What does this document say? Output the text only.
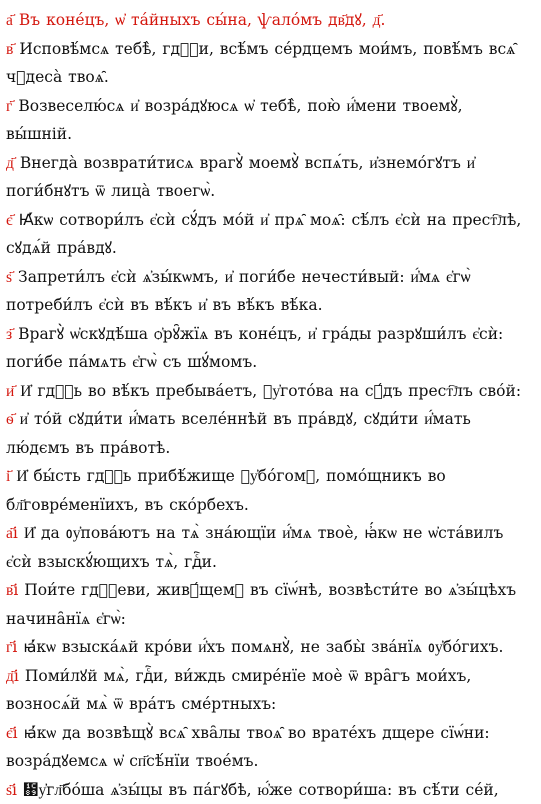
а҃ Въ конéцъ, ѡ҆ та́йныхъ сы́на, ѱало́мъ дв҃дꙋ, д҃.

в҃ Исповѣ́мсѧ тебѣ̀, гдⷭ҇и, всѣ́мъ се́рдцемъ мои́мъ, повѣ́мъ всѧ̑ чꙋдеса̀ твоѧ̑.

г҃ Возвеселю́сѧ и҆ возра́дꙋюсѧ ѡ҆ тебѣ̀, пою̀ и҆́мени твоемꙋ̀, вы́шній.

д҃ Внегда̀ возврати́тисѧ врагꙋ̀ моемꙋ̀ вспѧ́ть, и҆знемо́гꙋтъ и҆ поги́бнꙋтъ ѿ лица̀ твоегѡ̀.

є҃ Ꙗ҆́кѡ сотвори́лъ є҆сѝ сꙋ́дъ мо́й и҆ прѧ̑ моѧ̑: сѣ́лъ є҆сѝ на прест҇лѣ, сꙋдѧ́й пра́вдꙋ.

ѕ҃ Запрети́лъ є҆сѝ ѧ҆зы́кѡмъ, и҆ поги́бе нечести́вый: и҆́мѧ є҆гѡ̀ потреби́лъ є҆сѝ въ вѣ́къ и҆ въ вѣ́къ вѣ́ка.

з҃ Врагꙋ̀ ѡ҆скꙋдѣ́ша ѻ҆рꙋ̑жїѧ въ конéцъ, и҆ гра́ды разрꙋши́лъ є҆сѝ: поги́бе па́мѧть є҆гѡ̀ съ шꙋ́момъ.

и҃ И҆ гдⷭ҇ь во вѣ́къ пребыва́етъ, ᲂу҆гото́ва на сꙋ́дъ прест҇лъ сво́й:

ѳ҃ и҆ то́й сꙋди́ти и҆́мать вселе́ннѣй въ пра́вдꙋ, сꙋди́ти и҆́мать лю́дємъ въ пра́вотѣ.

і҃ И҆ бы́сть гдⷭ҇ь прибѣ́жище ᲂу҆бо́гомꙋ, помо́щникъ во бл҃говре́менїихъ, въ ско́рбехъ.

а҃і И҆ да ᲂу҆пова́ютъ на тѧ̀ зна́ющїи и҆́мѧ твоѐ, ꙗ҆́кѡ не ѡ҆ста́вилъ є҆сѝ взыскꙋ́ющихъ тѧ̀, гдⷭ҇и.

в҃і Пои́те гдⷭ҇еви, живꙋ́щемꙋ въ сїѡ́нѣ, возвѣсти́те во ѧ҆зы́цѣхъ начина̑нїѧ є҆гѡ̀:

г҃і ꙗ҆́кѡ взыска́ѧй кро́ви и҆́хъ помѧнꙋ̀, не забы̀ зва́нїѧ ᲂу҆бо́гихъ.

д҃і Поми́лꙋй мѧ̀, гдⷭ҇и, ви́ждь смире́нїе моѐ ѿ вра̑гъ мои́хъ, возносѧ́й мѧ̀ ѿ вра́тъ сме́ртныхъ:

є҃і ꙗ҆́кѡ да возвѣщꙋ̀ всѧ̑ хва̑лы твоѧ̑ во врате́хъ дщере сїѡ́ни: возра́дꙋемсѧ ѡ҆ сп҃сѣ́нїи твое́мъ.

ѕ҃і Ᲊу҆гл҃бо́ша ѧ҆зы́цы въ па́гꙋбѣ, ю҆́же сотвори́ша: въ сѣ́ти се́й,
